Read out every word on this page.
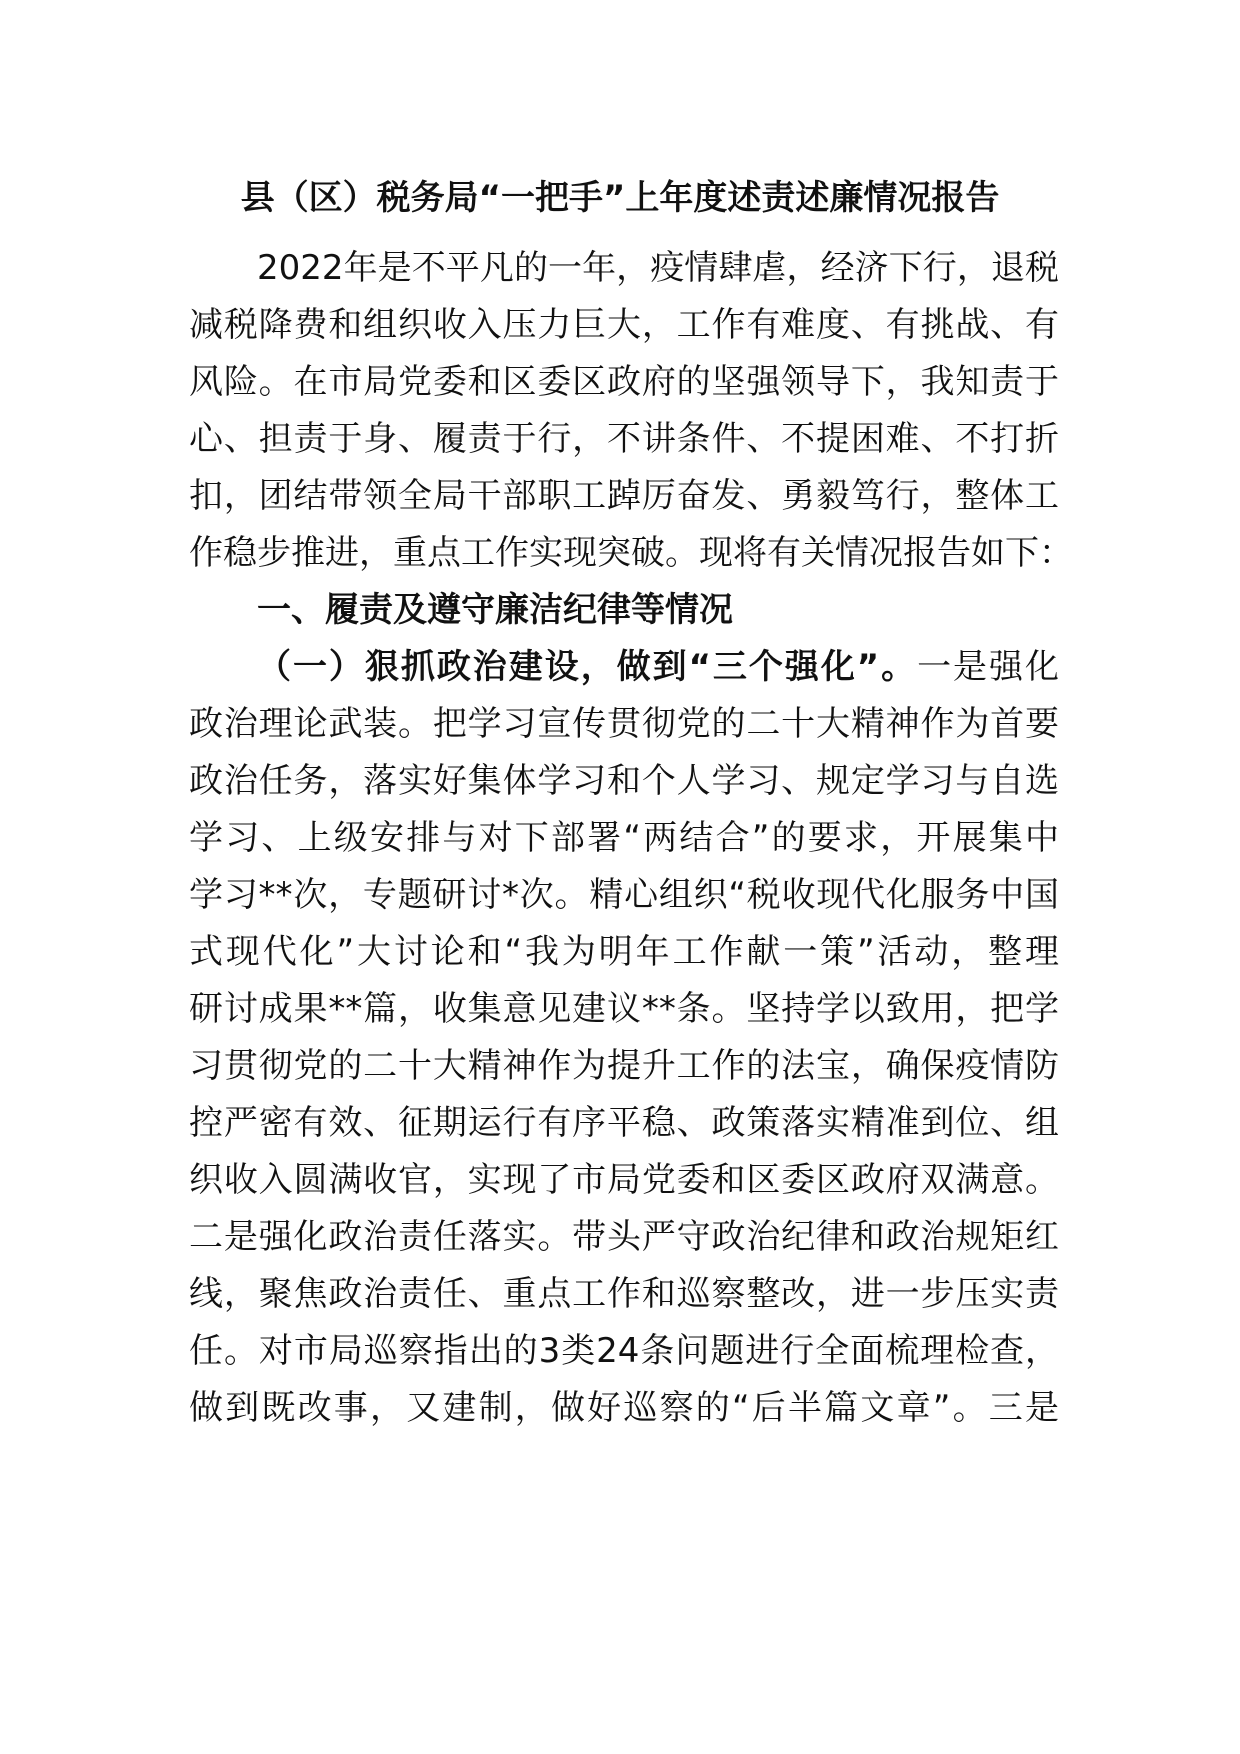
县（区）税务局“一把手”上年度述责述廉情况报告
2022年是不平凡的一年，疫情肆虐，经济下行，退税
减税降费和组织收入压力巨大，工作有难度、有挑战、有
风险。在市局党委和区委区政府的坚强领导下，我知责于
心、担责于身、履责于行，不讲条件、不提困难、不打折
扣，团结带领全局干部职工踔厉奋发、勇毅笃行，整体工
作稳步推进，重点工作实现突破。现将有关情况报告如下：
一、履责及遵守廉洁纪律等情况
（一）狠抓政治建设，做到“三个强化”。一是强化
政治理论武装。把学习宣传贯彻党的二十大精神作为首要
政治任务，落实好集体学习和个人学习、规定学习与自选
学习、上级安排与对下部署“两结合”的要求，开展集中
学习**次，专题研讨*次。精心组织“税收现代化服务中国
式现代化”大讨论和“我为明年工作献一策”活动，整理
研讨成果**篇，收集意见建议**条。坚持学以致用，把学
习贯彻党的二十大精神作为提升工作的法宝，确保疫情防
控严密有效、征期运行有序平稳、政策落实精准到位、组
织收入圆满收官，实现了市局党委和区委区政府双满意。
二是强化政治责任落实。带头严守政治纪律和政治规矩红
线，聚焦政治责任、重点工作和巡察整改，进一步压实责
任。对市局巡察指出的3类24条问题进行全面梳理检查，
做到既改事，又建制，做好巡察的“后半篇文章”。三是
